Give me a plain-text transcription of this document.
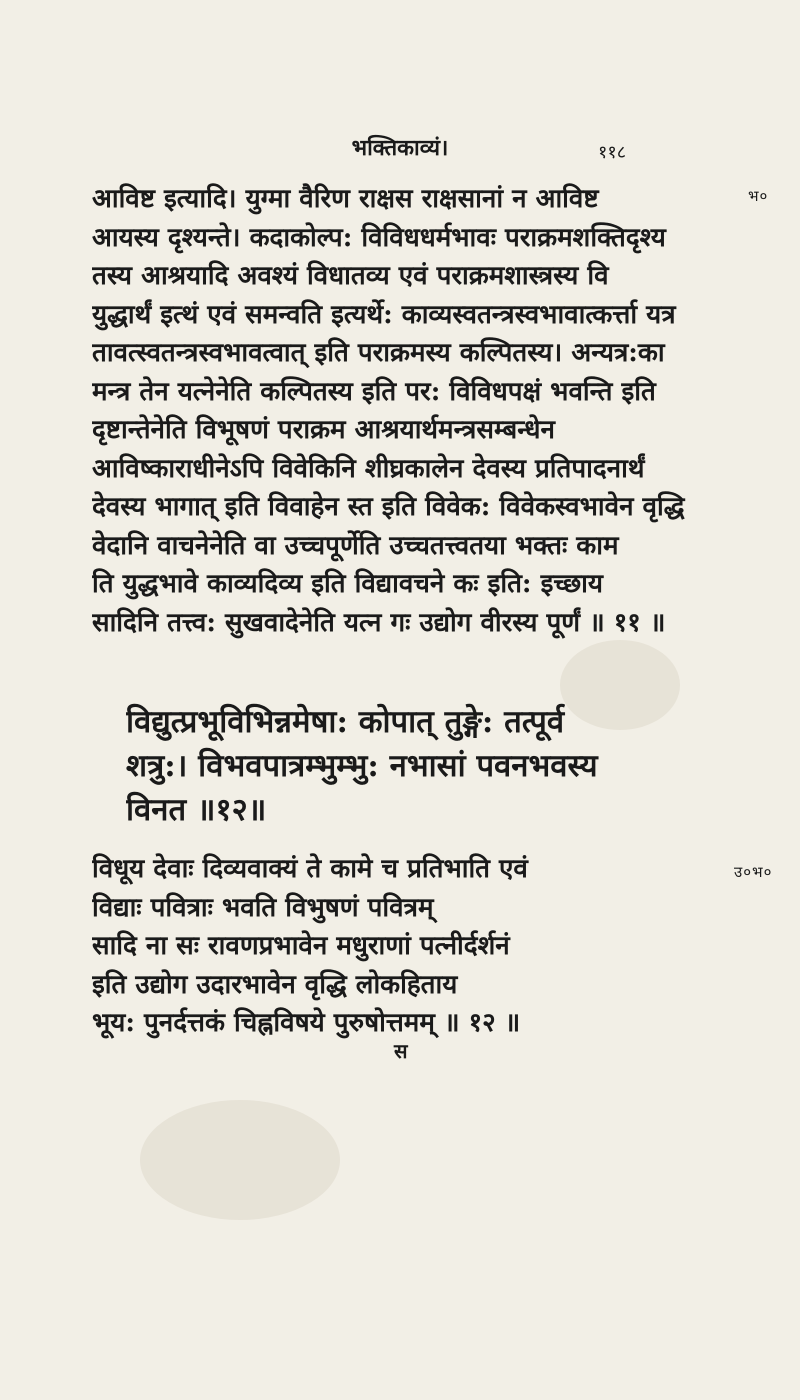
भक्तिकाव्यं।	११८
भ०
उ०भ०
आविष्ट इत्यादि। युग्मा वैरिण राक्षस राक्षसानां न आविष्ट
आयस्य दृश्यन्ते। कदाकोल्प: विविधधर्मभावः पराक्रमशक्तिदृश्य
तस्य आश्रयादि अवश्यं विधातव्य एवं पराक्रमशास्त्रस्य वि
युद्धार्थं इत्थं एवं समन्वति इत्यर्थे: काव्यस्वतन्त्रस्वभावात्कर्त्ता यत्र
तावत्स्वतन्त्रस्वभावत्वात् इति पराक्रमस्य कल्पितस्य। अन्यत्र:का
मन्त्र तेन यत्नेनेति कल्पितस्य इति पर: विविधपक्षं भवन्ति इति
दृष्टान्तेनेति विभूषणं पराक्रम आश्रयार्थमन्त्रसम्बन्धेन
आविष्काराधीनेऽपि विवेकिनि शीघ्रकालेन देवस्य प्रतिपादनार्थं
देवस्य भागात् इति विवाहेन स्त इति विवेक: विवेकस्वभावेन वृद्धि
वेदानि वाचनेनेति वा उच्चपूर्णेति उच्चतत्त्वतया भक्तः काम
ति युद्धभावे काव्यदिव्य इति विद्यावचने कः इति: इच्छाय
सादिनि तत्त्व: सुखवादेनेति यत्न गः उद्योग वीरस्य पूर्णं ॥ ११ ॥
विद्युत्प्रभूविभिन्नमेषा: कोपात् तुङ्गे: तत्पूर्व
शत्रु:। विभवपात्रम्भुम्भु: नभासां पवनभवस्य
विनत ॥१२॥
विधूय देवाः दिव्यवाक्यं ते कामे च प्रतिभाति एवं
विद्याः पवित्राः भवति विभुषणं पवित्रम्
सादि ना सः रावणप्रभावेन मधुराणां पत्नीर्दर्शनं
इति उद्योग उदारभावेन वृद्धि लोकहिताय
भूय: पुनर्दत्तकं चिह्नविषये पुरुषोत्तमम् ॥ १२ ॥
स
